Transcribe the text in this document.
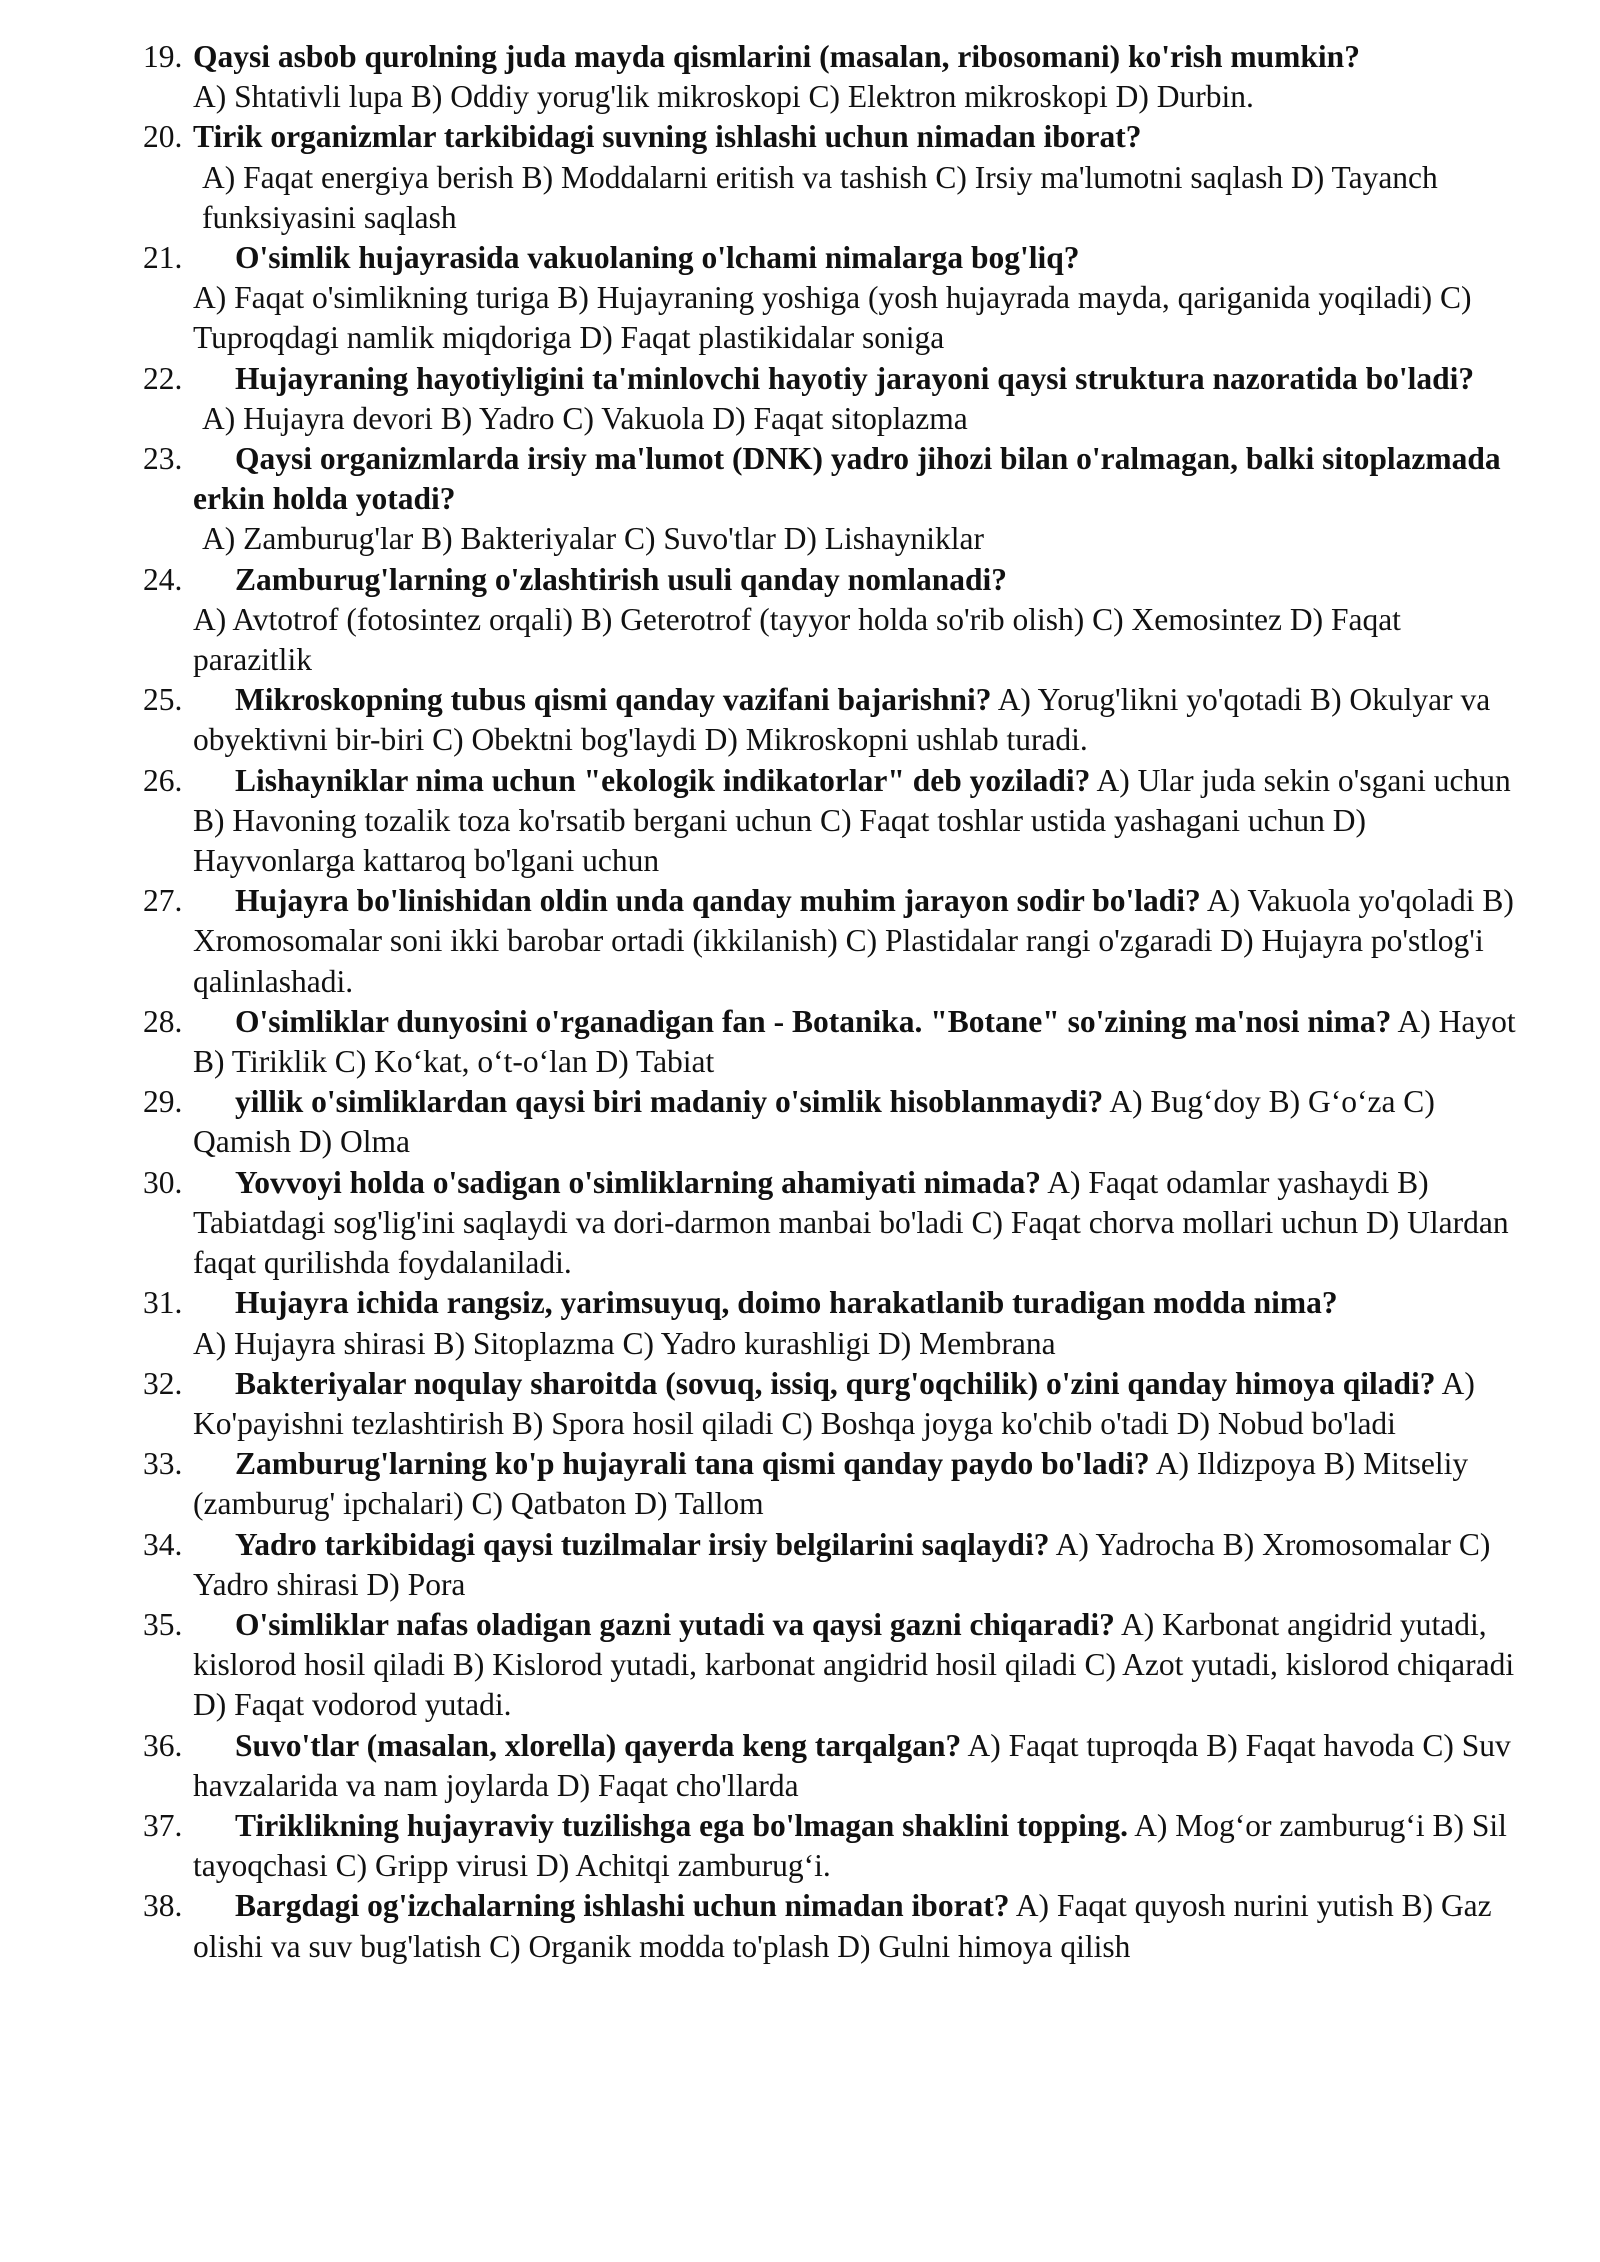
19. Qaysi asbob qurolning juda mayda qismlarini (masalan, ribosomani) ko'rish mumkin?
A) Shtativli lupa B) Oddiy yorug'lik mikroskopi C) Elektron mikroskopi D) Durbin.
20. Tirik organizmlar tarkibidagi suvning ishlashi uchun nimadan iborat?
A) Faqat energiya berish B) Moddalarni eritish va tashish C) Irsiy ma'lumotni saqlash D) Tayanch funksiyasini saqlash
21. O'simlik hujayrasida vakuolaning o'lchami nimalarga bog'liq?
A) Faqat o'simlikning turiga B) Hujayraning yoshiga (yosh hujayrada mayda, qariganida yoqiladi) C) Tuproqdagi namlik miqdoriga D) Faqat plastikidalar soniga
22. Hujayraning hayotiyligini ta'minlovchi hayotiy jarayoni qaysi struktura nazoratida bo'ladi?
A) Hujayra devori B) Yadro C) Vakuola D) Faqat sitoplazma
23. Qaysi organizmlarda irsiy ma'lumot (DNK) yadro jihozi bilan o'ralmagan, balki sitoplazmada erkin holda yotadi?
A) Zamburug'lar B) Bakteriyalar C) Suvo'tlar D) Lishayniklar
24. Zamburug'larning o'zlashtirish usuli qanday nomlanadi?
A) Avtotrof (fotosintez orqali) B) Geterotrof (tayyor holda so'rib olish) C) Xemosintez D) Faqat parazitlik
25. Mikroskopning tubus qismi qanday vazifani bajarishni? A) Yorug'likni yo'qotadi B) Okulyar va obyektivni bir-biri C) Obektni bog'laydi D) Mikroskopni ushlab turadi.
26. Lishayniklar nima uchun "ekologik indikatorlar" deb yoziladi? A) Ular juda sekin o'sgani uchun B) Havoning tozalik toza ko'rsatib bergani uchun C) Faqat toshlar ustida yashagani uchun D) Hayvonlarga kattaroq bo'lgani uchun
27. Hujayra bo'linishidan oldin unda qanday muhim jarayon sodir bo'ladi? A) Vakuola yo'qoladi B) Xromosomalar soni ikki barobar ortadi (ikkilanish) C) Plastidalar rangi o'zgaradi D) Hujayra po'stlog'i qalinlashadi.
28. O'simliklar dunyosini o'rganadigan fan - Botanika. "Botane" so'zining ma'nosi nima? A) Hayot B) Tiriklik C) Ko‘kat, o‘t-o‘lan D) Tabiat
29. yillik o'simliklardan qaysi biri madaniy o'simlik hisoblanmaydi? A) Bug‘doy B) G‘o‘za C) Qamish D) Olma
30. Yovvoyi holda o'sadigan o'simliklarning ahamiyati nimada? A) Faqat odamlar yashaydi B) Tabiatdagi sog'lig'ini saqlaydi va dori-darmon manbai bo'ladi C) Faqat chorva mollari uchun D) Ulardan faqat qurilishda foydalaniladi.
31. Hujayra ichida rangsiz, yarimsuyuq, doimo harakatlanib turadigan modda nima?
A) Hujayra shirasi B) Sitoplazma C) Yadro kurashligi D) Membrana
32. Bakteriyalar noqulay sharoitda (sovuq, issiq, qurg'oqchilik) o'zini qanday himoya qiladi? A) Ko'payishni tezlashtirish B) Spora hosil qiladi C) Boshqa joyga ko'chib o'tadi D) Nobud bo'ladi
33. Zamburug'larning ko'p hujayrali tana qismi qanday paydo bo'ladi? A) Ildizpoya B) Mitseliy (zamburug' ipchalari) C) Qatbaton D) Tallom
34. Yadro tarkibidagi qaysi tuzilmalar irsiy belgilarini saqlaydi? A) Yadrocha B) Xromosomalar C) Yadro shirasi D) Pora
35. O'simliklar nafas oladigan gazni yutadi va qaysi gazni chiqaradi? A) Karbonat angidrid yutadi, kislorod hosil qiladi B) Kislorod yutadi, karbonat angidrid hosil qiladi C) Azot yutadi, kislorod chiqaradi D) Faqat vodorod yutadi.
36. Suvo'tlar (masalan, xlorella) qayerda keng tarqalgan? A) Faqat tuproqda B) Faqat havoda C) Suv havzalarida va nam joylarda D) Faqat cho'llarda
37. Tiriklikning hujayraviy tuzilishga ega bo'lmagan shaklini topping. A) Mog‘or zamburug‘i B) Sil tayoqchasi C) Gripp virusi D) Achitqi zamburug‘i.
38. Bargdagi og'izchalarning ishlashi uchun nimadan iborat? A) Faqat quyosh nurini yutish B) Gaz olishi va suv bug'latish C) Organik modda to'plash D) Gulni himoya qilish
